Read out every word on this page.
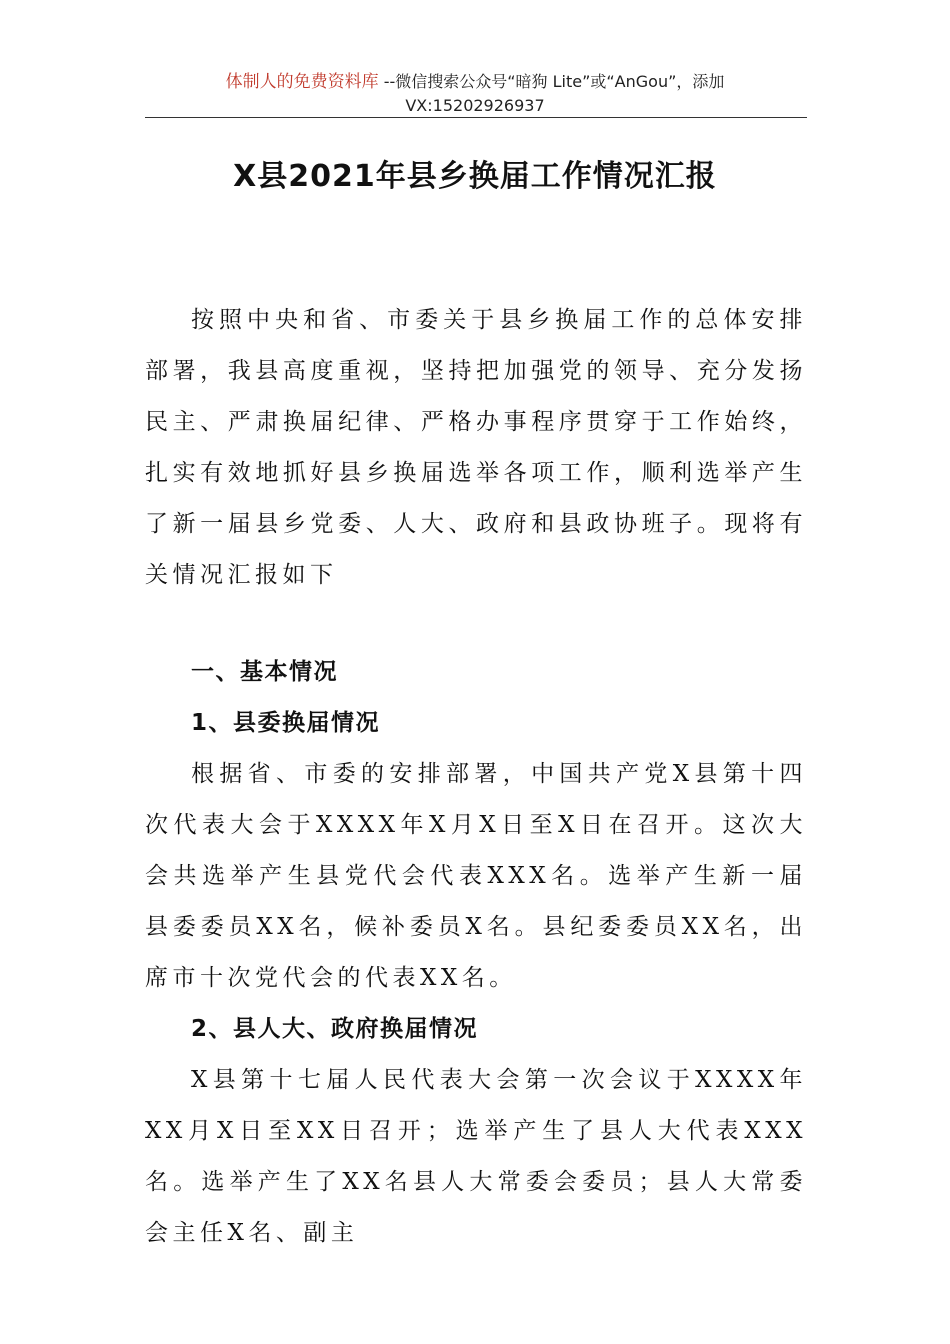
体制人的免费资料库 --微信搜索公众号“暗狗 Lite”或“AnGou”，添加
VX:15202926937
X县2021年县乡换届工作情况汇报

按照中央和省、市委关于县乡换届工作的总体安排部署，我县高度重视，坚持把加强党的领导、充分发扬民主、严肃换届纪律、严格办事程序贯穿于工作始终，扎实有效地抓好县乡换届选举各项工作，顺利选举产生了新一届县乡党委、人大、政府和县政协班子。现将有关情况汇报如下

一、基本情况

1、县委换届情况

根据省、市委的安排部署，中国共产党X县第十四次代表大会于XXXX年X月X日至X日在召开。这次大会共选举产生县党代会代表XXX名。选举产生新一届县委委员XX名，候补委员X名。县纪委委员XX名，出席市十次党代会的代表XX名。

2、县人大、政府换届情况

X县第十七届人民代表大会第一次会议于XXXX年XX月X日至XX日召开；选举产生了县人大代表XXX名。选举产生了XX名县人大常委会委员；县人大常委会主任X名、副主
